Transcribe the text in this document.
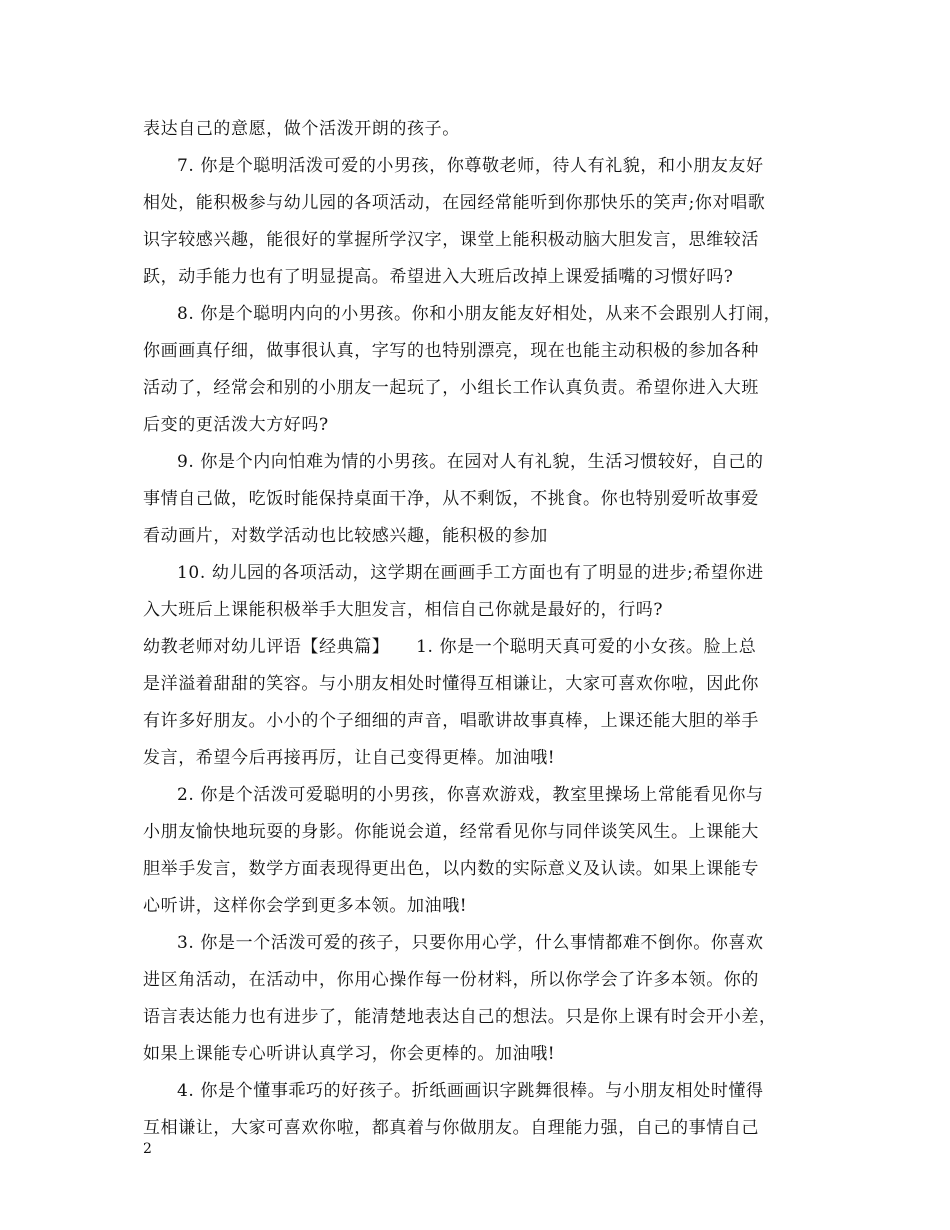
表达自己的意愿，做个活泼开朗的孩子。
7. 你是个聪明活泼可爱的小男孩，你尊敬老师，待人有礼貌，和小朋友友好
相处，能积极参与幼儿园的各项活动，在园经常能听到你那快乐的笑声;你对唱歌
识字较感兴趣，能很好的掌握所学汉字，课堂上能积极动脑大胆发言，思维较活
跃，动手能力也有了明显提高。希望进入大班后改掉上课爱插嘴的习惯好吗?
8. 你是个聪明内向的小男孩。你和小朋友能友好相处，从来不会跟别人打闹，
你画画真仔细，做事很认真，字写的也特别漂亮，现在也能主动积极的参加各种
活动了，经常会和别的小朋友一起玩了，小组长工作认真负责。希望你进入大班
后变的更活泼大方好吗?
9. 你是个内向怕难为情的小男孩。在园对人有礼貌，生活习惯较好，自己的
事情自己做，吃饭时能保持桌面干净，从不剩饭，不挑食。你也特别爱听故事爱
看动画片，对数学活动也比较感兴趣，能积极的参加
10. 幼儿园的各项活动，这学期在画画手工方面也有了明显的进步;希望你进
入大班后上课能积极举手大胆发言，相信自己你就是最好的，行吗?
幼教老师对幼儿评语【经典篇】　　1. 你是一个聪明天真可爱的小女孩。脸上总
是洋溢着甜甜的笑容。与小朋友相处时懂得互相谦让，大家可喜欢你啦，因此你
有许多好朋友。小小的个子细细的声音，唱歌讲故事真棒，上课还能大胆的举手
发言，希望今后再接再厉，让自己变得更棒。加油哦!
2. 你是个活泼可爱聪明的小男孩，你喜欢游戏，教室里操场上常能看见你与
小朋友愉快地玩耍的身影。你能说会道，经常看见你与同伴谈笑风生。上课能大
胆举手发言，数学方面表现得更出色，以内数的实际意义及认读。如果上课能专
心听讲，这样你会学到更多本领。加油哦!
3. 你是一个活泼可爱的孩子，只要你用心学，什么事情都难不倒你。你喜欢
进区角活动，在活动中，你用心操作每一份材料，所以你学会了许多本领。你的
语言表达能力也有进步了，能清楚地表达自己的想法。只是你上课有时会开小差，
如果上课能专心听讲认真学习，你会更棒的。加油哦!
4. 你是个懂事乖巧的好孩子。折纸画画识字跳舞很棒。与小朋友相处时懂得
互相谦让，大家可喜欢你啦，都真着与你做朋友。自理能力强，自己的事情自己
2
